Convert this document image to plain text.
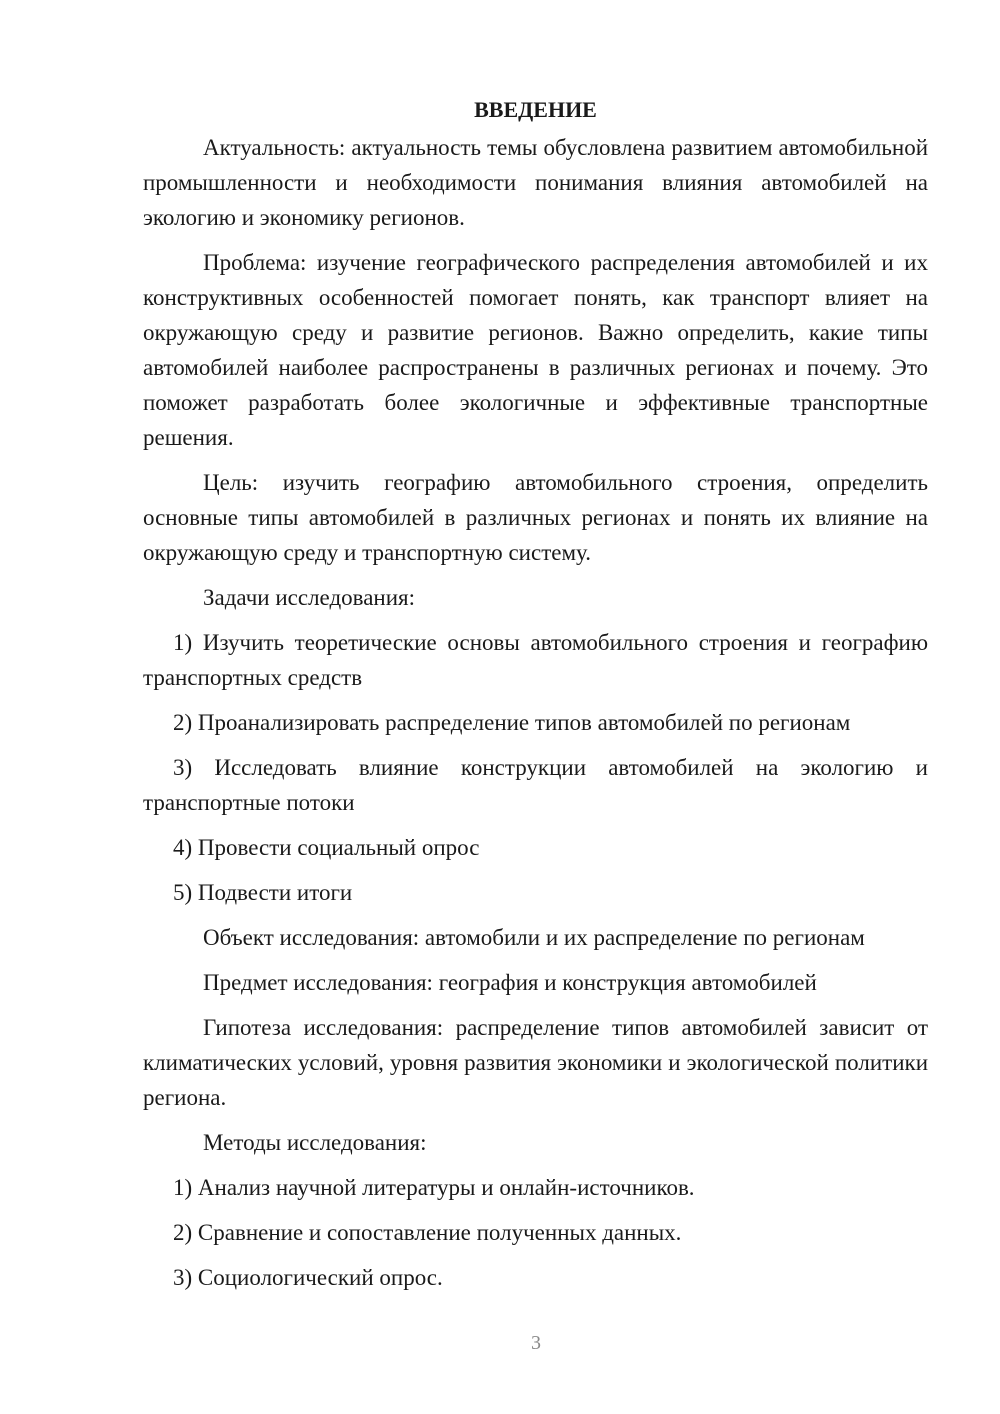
ВВЕДЕНИЕ

Актуальность: актуальность темы обусловлена развитием автомобильной промышленности и необходимости понимания влияния автомобилей на экологию и экономику регионов.

Проблема: изучение географического распределения автомобилей и их конструктивных особенностей помогает понять, как транспорт влияет на окружающую среду и развитие регионов. Важно определить, какие типы автомобилей наиболее распространены в различных регионах и почему. Это поможет разработать более экологичные и эффективные транспортные решения.

Цель: изучить географию автомобильного строения, определить основные типы автомобилей в различных регионах и понять их влияние на окружающую среду и транспортную систему.

Задачи исследования:

1) Изучить теоретические основы автомобильного строения и географию транспортных средств

2) Проанализировать распределение типов автомобилей по регионам

3) Исследовать влияние конструкции автомобилей на экологию и транспортные потоки

4) Провести социальный опрос

5) Подвести итоги

Объект исследования: автомобили и их распределение по регионам

Предмет исследования: география и конструкция автомобилей

Гипотеза исследования: распределение типов автомобилей зависит от климатических условий, уровня развития экономики и экологической политики региона.

Методы исследования:

1) Анализ научной литературы и онлайн-источников.

2) Сравнение и сопоставление полученных данных.

3) Социологический опрос.

3
